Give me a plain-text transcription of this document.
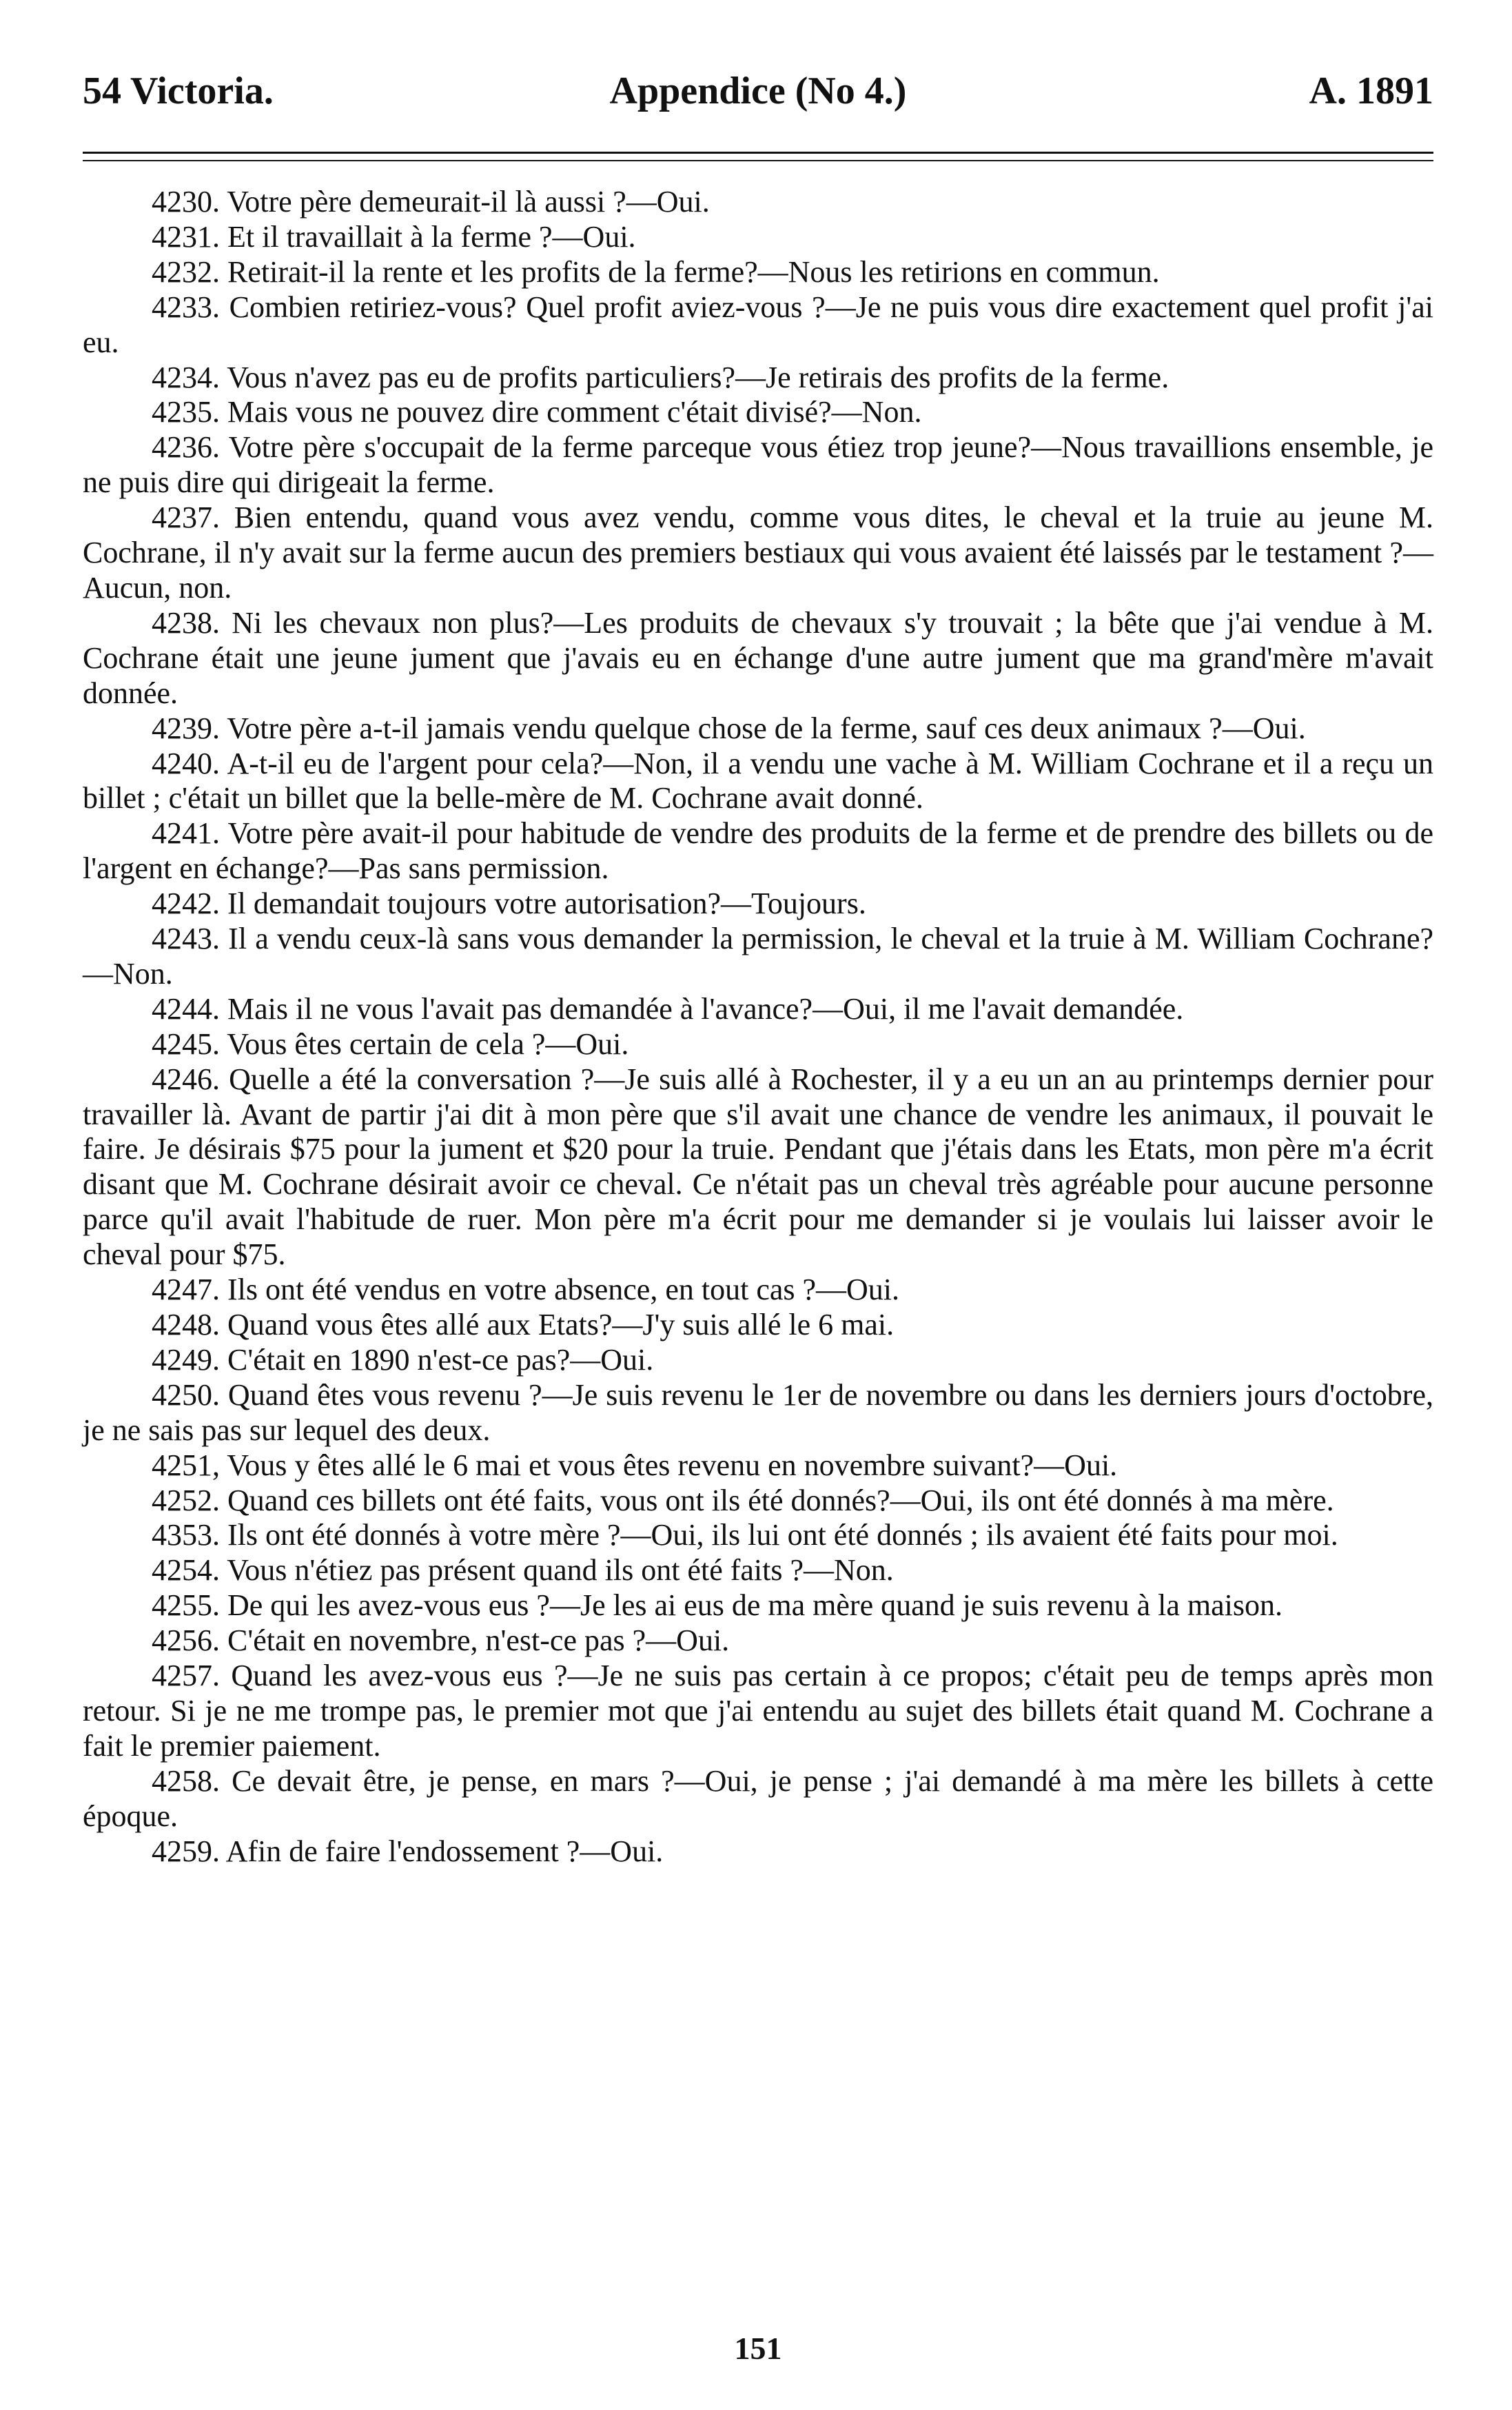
54 Victoria.	Appendice (No 4.)	A. 1891

4230. Votre père demeurait-il là aussi ?—Oui.

4231. Et il travaillait à la ferme ?—Oui.

4232. Retirait-il la rente et les profits de la ferme?—Nous les retirions en commun.

4233. Combien retiriez-vous? Quel profit aviez-vous ?—Je ne puis vous dire exactement quel profit j'ai eu.

4234. Vous n'avez pas eu de profits particuliers?—Je retirais des profits de la ferme.

4235. Mais vous ne pouvez dire comment c'était divisé?—Non.

4236. Votre père s'occupait de la ferme parceque vous étiez trop jeune?—Nous travaillions ensemble, je ne puis dire qui dirigeait la ferme.

4237. Bien entendu, quand vous avez vendu, comme vous dites, le cheval et la truie au jeune M. Cochrane, il n'y avait sur la ferme aucun des premiers bestiaux qui vous avaient été laissés par le testament ?—Aucun, non.

4238. Ni les chevaux non plus?—Les produits de chevaux s'y trouvait ; la bête que j'ai vendue à M. Cochrane était une jeune jument que j'avais eu en échange d'une autre jument que ma grand'mère m'avait donnée.

4239. Votre père a-t-il jamais vendu quelque chose de la ferme, sauf ces deux animaux ?—Oui.

4240. A-t-il eu de l'argent pour cela?—Non, il a vendu une vache à M. William Cochrane et il a reçu un billet ; c'était un billet que la belle-mère de M. Cochrane avait donné.

4241. Votre père avait-il pour habitude de vendre des produits de la ferme et de prendre des billets ou de l'argent en échange?—Pas sans permission.

4242. Il demandait toujours votre autorisation?—Toujours.

4243. Il a vendu ceux-là sans vous demander la permission, le cheval et la truie à M. William Cochrane?—Non.

4244. Mais il ne vous l'avait pas demandée à l'avance?—Oui, il me l'avait demandée.

4245. Vous êtes certain de cela ?—Oui.

4246. Quelle a été la conversation ?—Je suis allé à Rochester, il y a eu un an au printemps dernier pour travailler là. Avant de partir j'ai dit à mon père que s'il avait une chance de vendre les animaux, il pouvait le faire. Je désirais $75 pour la jument et $20 pour la truie. Pendant que j'étais dans les Etats, mon père m'a écrit disant que M. Cochrane désirait avoir ce cheval. Ce n'était pas un cheval très agréable pour aucune personne parce qu'il avait l'habitude de ruer. Mon père m'a écrit pour me demander si je voulais lui laisser avoir le cheval pour $75.

4247. Ils ont été vendus en votre absence, en tout cas ?—Oui.

4248. Quand vous êtes allé aux Etats?—J'y suis allé le 6 mai.

4249. C'était en 1890 n'est-ce pas?—Oui.

4250. Quand êtes vous revenu ?—Je suis revenu le 1er de novembre ou dans les derniers jours d'octobre, je ne sais pas sur lequel des deux.

4251, Vous y êtes allé le 6 mai et vous êtes revenu en novembre suivant?—Oui.

4252. Quand ces billets ont été faits, vous ont ils été donnés?—Oui, ils ont été donnés à ma mère.

4353. Ils ont été donnés à votre mère ?—Oui, ils lui ont été donnés ; ils avaient été faits pour moi.

4254. Vous n'étiez pas présent quand ils ont été faits ?—Non.

4255. De qui les avez-vous eus ?—Je les ai eus de ma mère quand je suis revenu à la maison.

4256. C'était en novembre, n'est-ce pas ?—Oui.

4257. Quand les avez-vous eus ?—Je ne suis pas certain à ce propos; c'était peu de temps après mon retour. Si je ne me trompe pas, le premier mot que j'ai entendu au sujet des billets était quand M. Cochrane a fait le premier paiement.

4258. Ce devait être, je pense, en mars ?—Oui, je pense ; j'ai demandé à ma mère les billets à cette époque.

4259. Afin de faire l'endossement ?—Oui.

151
